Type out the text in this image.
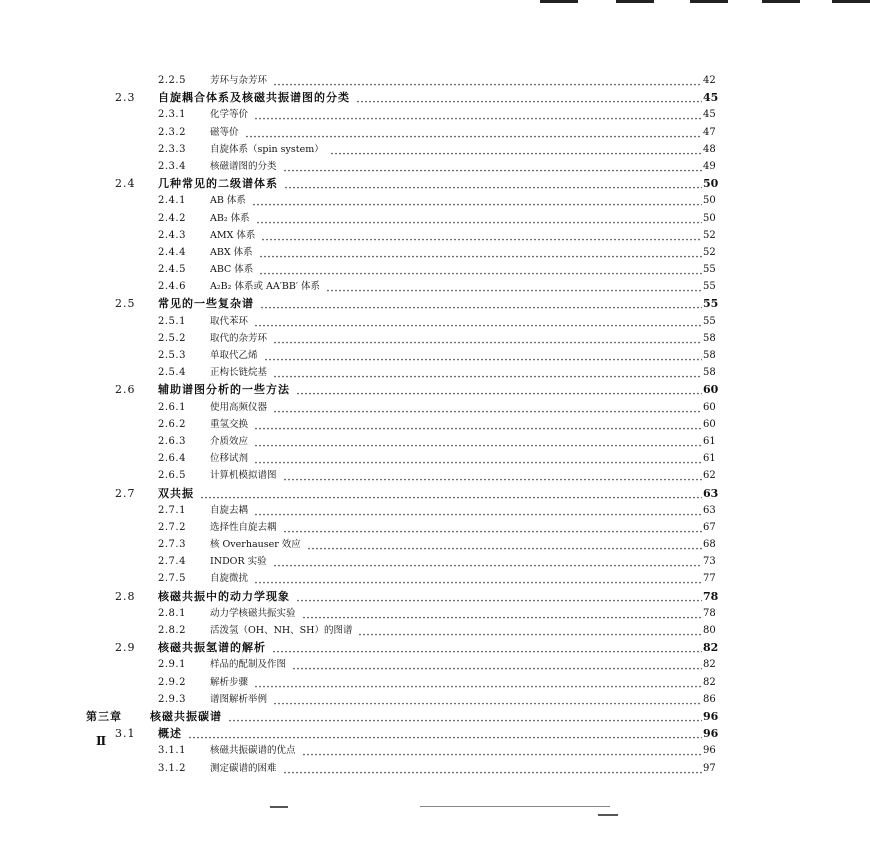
2.2.5	芳环与杂芳环	42
2.3 自旋耦合体系及核磁共振谱图的分类	45
2.3.1	化学等价	45
2.3.2	磁等价	47
2.3.3	自旋体系（spin system）	48
2.3.4	核磁谱图的分类	49
2.4 几种常见的二级谱体系	50
2.4.1	AB 体系	50
2.4.2	AB₂ 体系	50
2.4.3	AMX 体系	52
2.4.4	ABX 体系	52
2.4.5	ABC 体系	55
2.4.6	A₂B₂ 体系或 AA′BB′ 体系	55
2.5 常见的一些复杂谱	55
2.5.1	取代苯环	55
2.5.2	取代的杂芳环	58
2.5.3	单取代乙烯	58
2.5.4	正构长链烷基	58
2.6 辅助谱图分析的一些方法	60
2.6.1	使用高频仪器	60
2.6.2	重氢交换	60
2.6.3	介质效应	61
2.6.4	位移试剂	61
2.6.5	计算机模拟谱图	62
2.7 双共振	63
2.7.1	自旋去耦	63
2.7.2	选择性自旋去耦	67
2.7.3	核 Overhauser 效应	68
2.7.4	INDOR 实验	73
2.7.5	自旋微扰	77
2.8 核磁共振中的动力学现象	78
2.8.1	动力学核磁共振实验	78
2.8.2	活泼氢（OH、NH、SH）的图谱	80
2.9 核磁共振氢谱的解析	82
2.9.1	样品的配制及作图	82
2.9.2	解析步骤	82
2.9.3	谱图解析举例	86
第三章	核磁共振碳谱	96
3.1 概述	96
3.1.1	核磁共振碳谱的优点	96
3.1.2	测定碳谱的困难	97
Ⅱ
